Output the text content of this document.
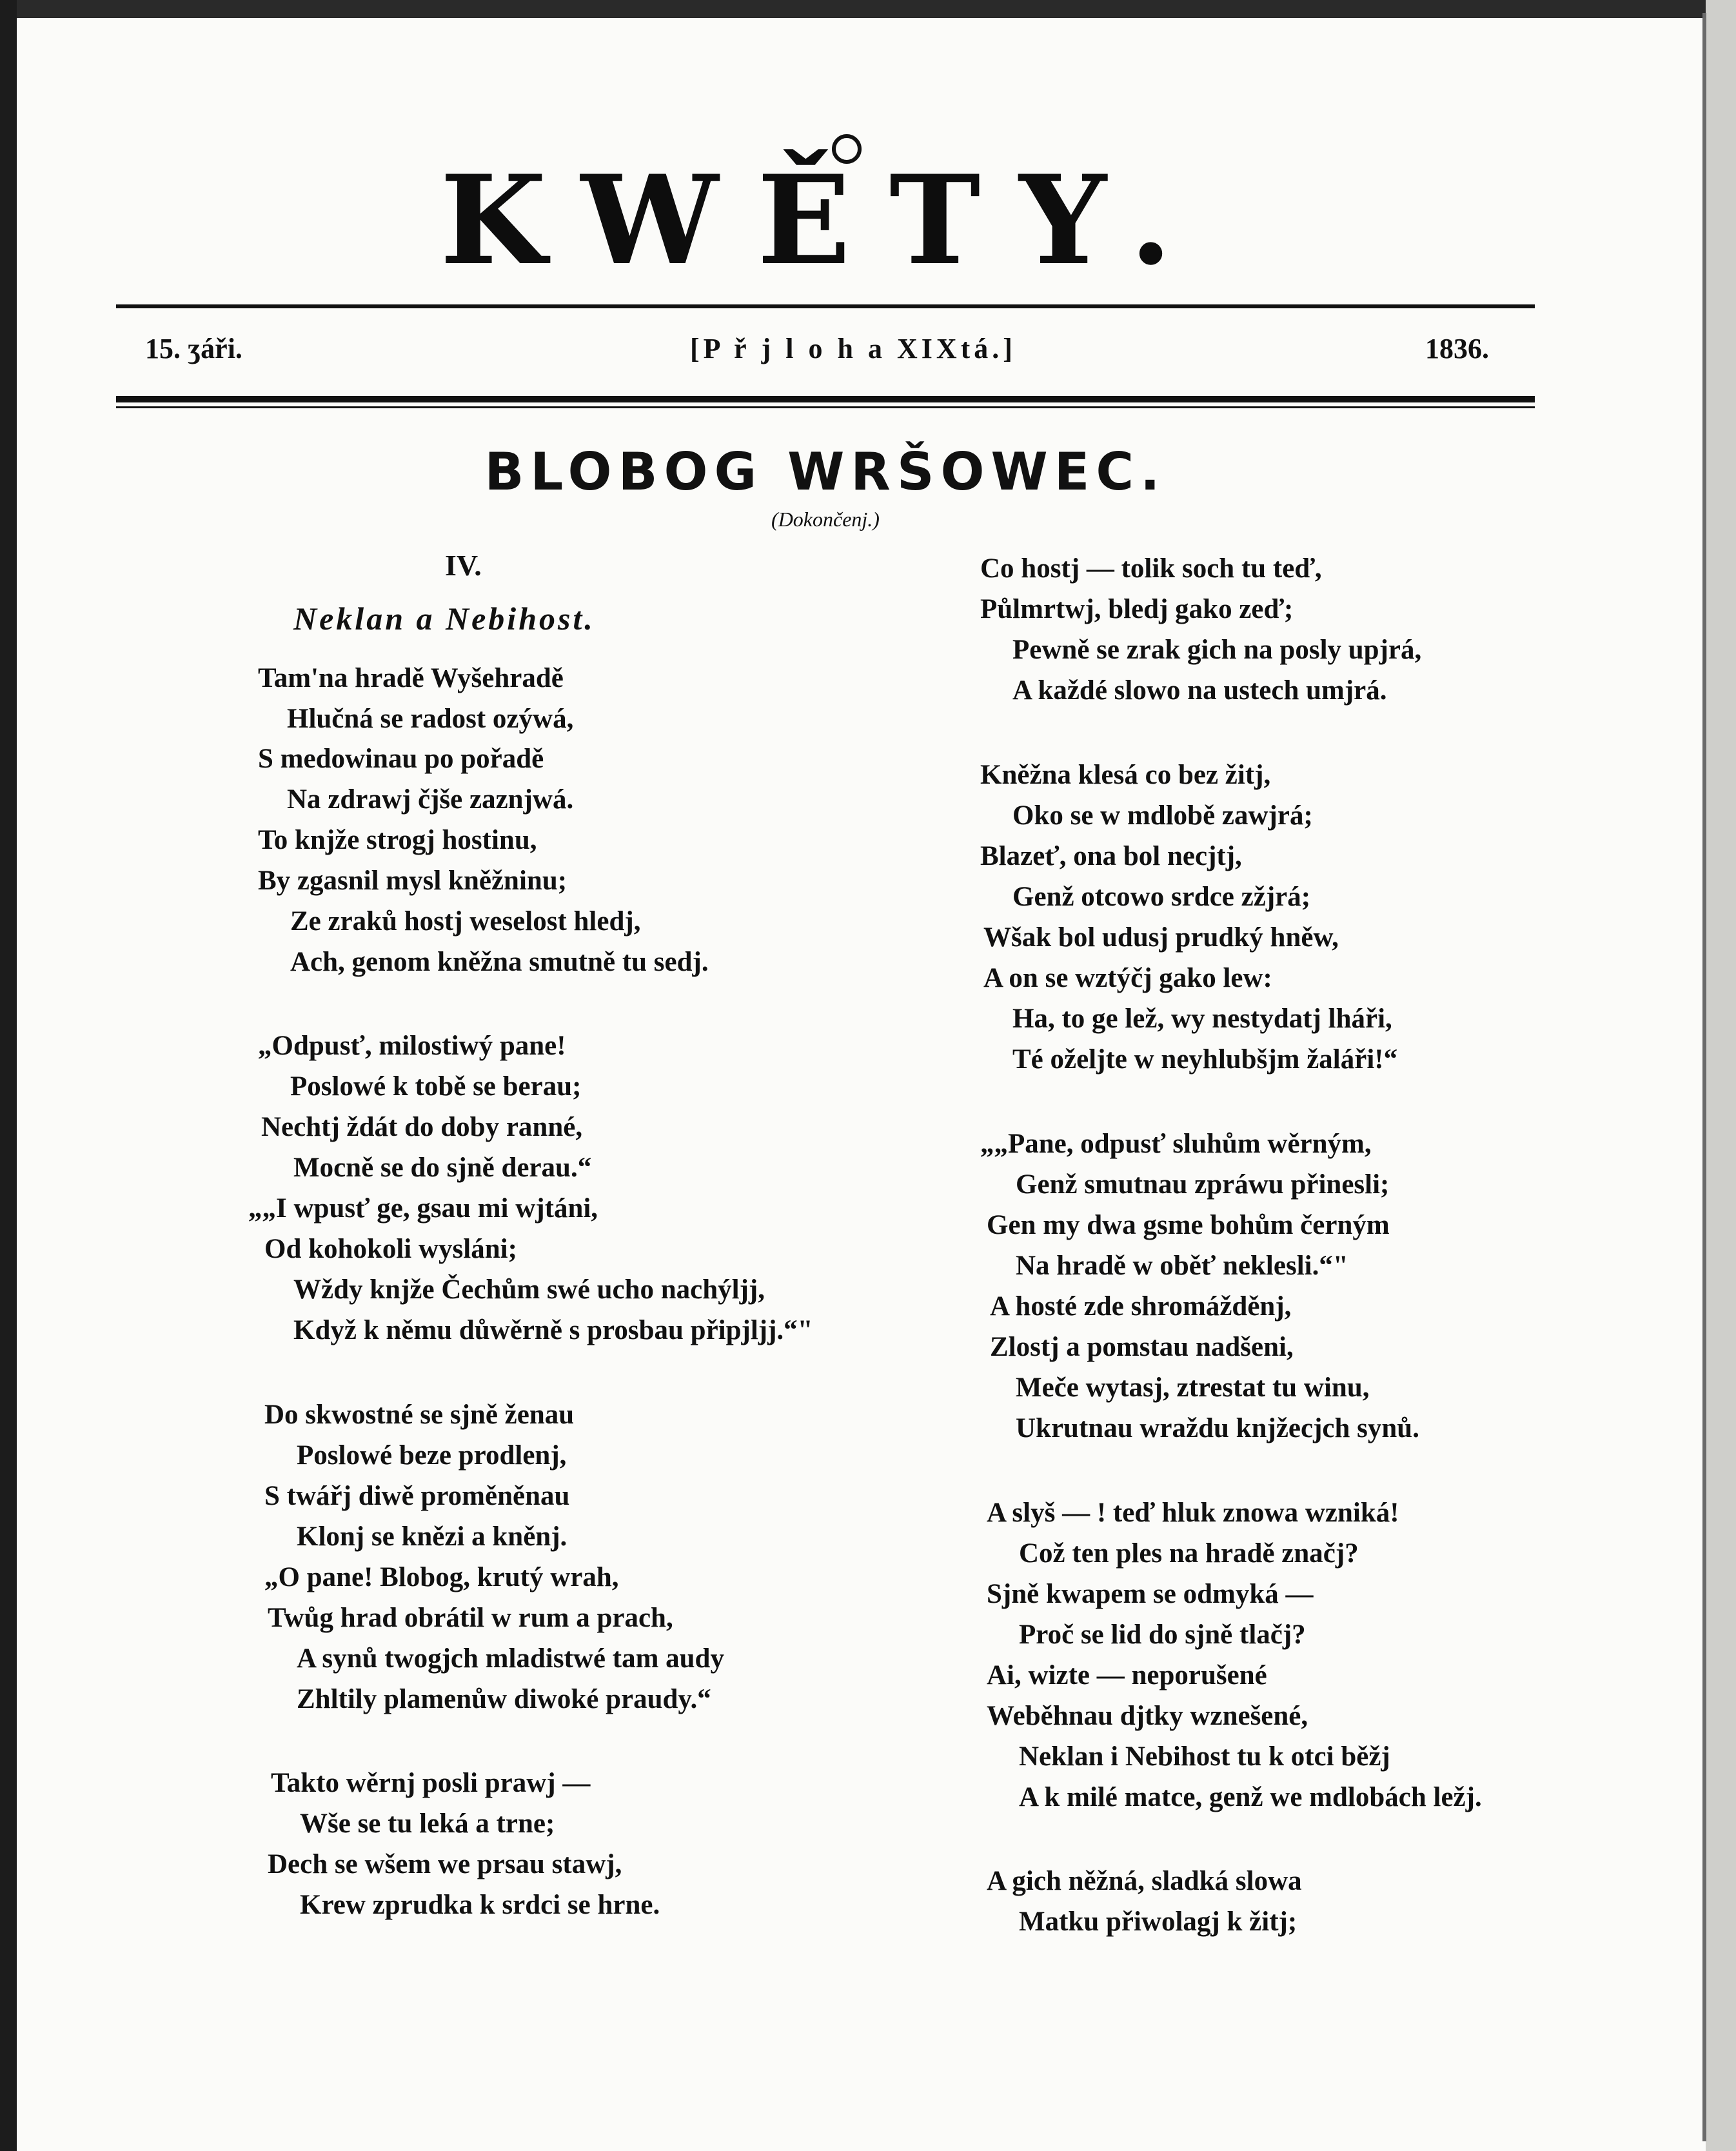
KWĚTY.
15. ʒáři.	[P ř j l o h a XIXtá.]	1836.
BLOBOG WRŠOWEC.
(Dokončenj.)
IV.
Neklan a Nebihost.
Tam'na hradě Wyšehradě
Hlučná se radost ozýwá,
S medowinau po pořadě
Na zdrawj čjše zaznjwá.
To knjže strogj hostinu,
By zgasnil mysl kněžninu;
Ze zraků hostj weselost hledj,
Ach, genom kněžna smutně tu sedj.
„Odpusť, milostiwý pane!
Poslowé k tobě se berau;
Nechtj ždát do doby ranné,
Mocně se do sjně derau.“
„„I wpusť ge, gsau mi wjtáni,
Od kohokoli wysláni;
Wždy knjže Čechům swé ucho nachýljj,
Když k němu důwěrně s prosbau připjljj.“"
Do skwostné se sjně ženau
Poslowé beze prodlenj,
S twářj diwě proměněnau
Klonj se knězi a kněnj.
„O pane! Blobog, krutý wrah,
Twůg hrad obrátil w rum a prach,
A synů twogjch mladistwé tam audy
Zhltily plamenůw diwoké praudy.“
Takto wěrnj posli prawj —
Wše se tu leká a trne;
Dech se wšem we prsau stawj,
Krew zprudka k srdci se hrne.
Co hostj — tolik soch tu teď,
Půlmrtwj, bledj gako zeď;
Pewně se zrak gich na posly upjrá,
A každé slowo na ustech umjrá.
Kněžna klesá co bez žitj,
Oko se w mdlobě zawjrá;
Blazeť, ona bol necjtj,
Genž otcowo srdce zžjrá;
Wšak bol udusj prudký hněw,
A on se wztýčj gako lew:
Ha, to ge lež, wy nestydatj lháři,
Té oželjte w neyhlubšjm žaláři!“
„„Pane, odpusť sluhům wěrným,
Genž smutnau zpráwu přinesli;
Gen my dwa gsme bohům černým
Na hradě w oběť neklesli.“"
A hosté zde shromážděnj,
Zlostj a pomstau nadšeni,
Meče wytasj, ztrestat tu winu,
Ukrutnau wraždu knjžecjch synů.
A slyš — ! teď hluk znowa wzniká!
Což ten ples na hradě značj?
Sjně kwapem se odmyká —
Proč se lid do sjně tlačj?
Ai, wizte — neporušené
Weběhnau djtky wznešené,
Neklan i Nebihost tu k otci běžj
A k milé matce, genž we mdlobách ležj.
A gich něžná, sladká slowa
Matku přiwolagj k žitj;
